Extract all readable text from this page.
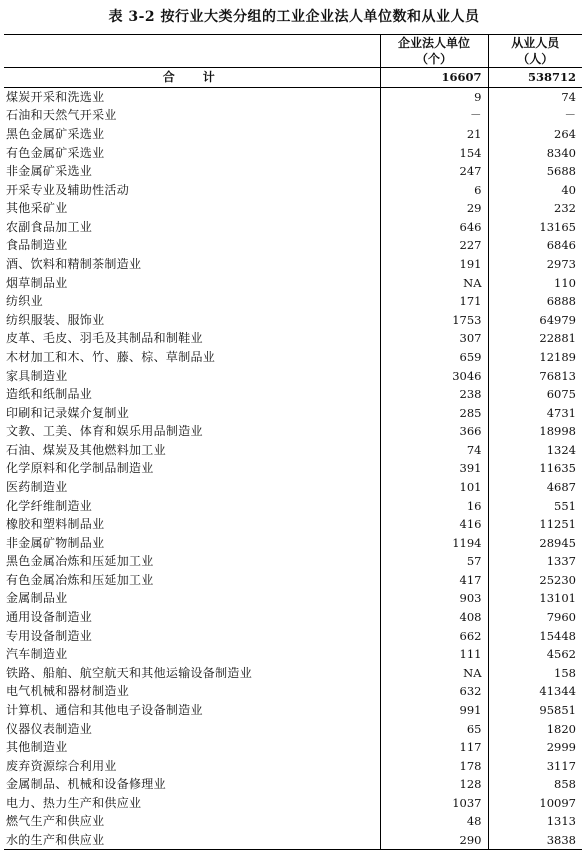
表 3-2 按行业大类分组的工业企业法人单位数和从业人员
	企业法人单位	从业人员
	（个）	（人）
合　计	16607	538712
煤炭开采和洗选业	9	74
石油和天然气开采业	－	－
黑色金属矿采选业	21	264
有色金属矿采选业	154	8340
非金属矿采选业	247	5688
开采专业及辅助性活动	6	40
其他采矿业	29	232
农副食品加工业	646	13165
食品制造业	227	6846
酒、饮料和精制茶制造业	191	2973
烟草制品业	NA	110
纺织业	171	6888
纺织服装、服饰业	1753	64979
皮革、毛皮、羽毛及其制品和制鞋业	307	22881
木材加工和木、竹、藤、棕、草制品业	659	12189
家具制造业	3046	76813
造纸和纸制品业	238	6075
印刷和记录媒介复制业	285	4731
文教、工美、体育和娱乐用品制造业	366	18998
石油、煤炭及其他燃料加工业	74	1324
化学原料和化学制品制造业	391	11635
医药制造业	101	4687
化学纤维制造业	16	551
橡胶和塑料制品业	416	11251
非金属矿物制品业	1194	28945
黑色金属冶炼和压延加工业	57	1337
有色金属冶炼和压延加工业	417	25230
金属制品业	903	13101
通用设备制造业	408	7960
专用设备制造业	662	15448
汽车制造业	111	4562
铁路、船舶、航空航天和其他运输设备制造业	NA	158
电气机械和器材制造业	632	41344
计算机、通信和其他电子设备制造业	991	95851
仪器仪表制造业	65	1820
其他制造业	117	2999
废弃资源综合利用业	178	3117
金属制品、机械和设备修理业	128	858
电力、热力生产和供应业	1037	10097
燃气生产和供应业	48	1313
水的生产和供应业	290	3838
